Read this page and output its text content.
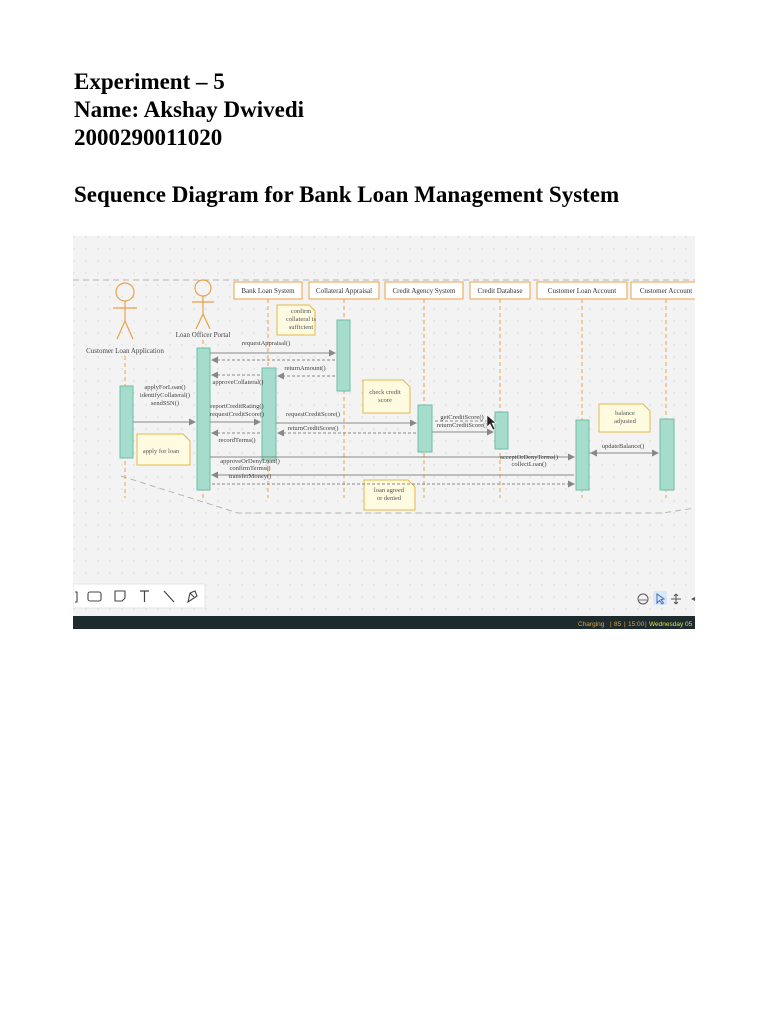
Experiment – 5
Name: Akshay Dwivedi
2000290011020
Sequence Diagram for Bank Loan Management System
Customer Loan Application
Loan Officer Portal
Bank Loan System	Collateral Appraisal	Credit Agency System	Credit Database	Customer Loan Account	Customer Account
confirm
collateral is
sufficient
check credit
score
apply for loan
loan agreed
or denied
balance
adjusted
requestAppraisal()
returnAmount()
approveCollateral()
applyForLoan()
identifyCollateral()
sendSSN()	reportCreditRating()
requestCreditScore()	requestCreditScore()
returnCreditScore()
getCreditScore()
returnCreditScore()
recordTerms()
approveOrDenyLoan()
confirmTerms()
transferMoney()
acceptOrDenyTerms()
collectLoan()
updateBalance()
Charging | 85 | 15:00 | Wednesday 05
